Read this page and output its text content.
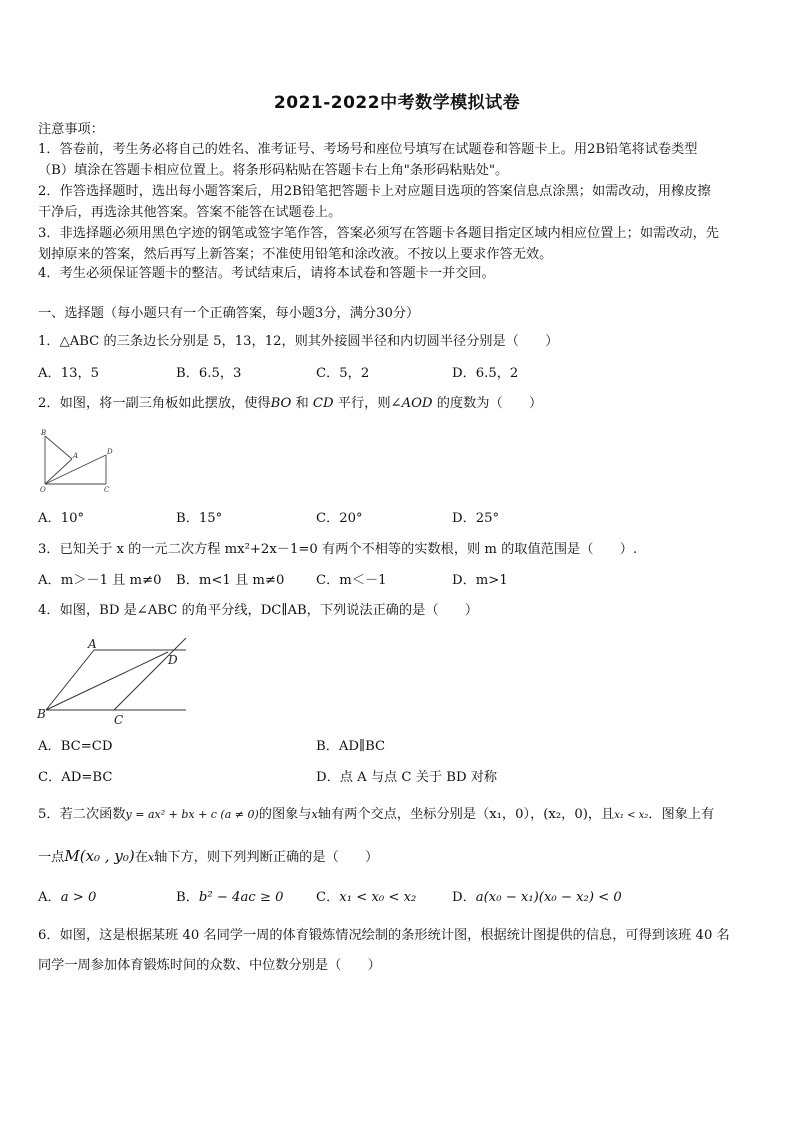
2021-2022中考数学模拟试卷
注意事项：
1．答卷前，考生务必将自己的姓名、准考证号、考场号和座位号填写在试题卷和答题卡上。用2B铅笔将试卷类型
（B）填涂在答题卡相应位置上。将条形码粘贴在答题卡右上角"条形码粘贴处"。
2．作答选择题时，选出每小题答案后，用2B铅笔把答题卡上对应题目选项的答案信息点涂黑；如需改动，用橡皮擦
干净后，再选涂其他答案。答案不能答在试题卷上。
3．非选择题必须用黑色字迹的钢笔或签字笔作答，答案必须写在答题卡各题目指定区域内相应位置上；如需改动，先
划掉原来的答案，然后再写上新答案；不准使用铅笔和涂改液。不按以上要求作答无效。
4．考生必须保证答题卡的整洁。考试结束后，请将本试卷和答题卡一并交回。
一、选择题（每小题只有一个正确答案，每小题3分，满分30分）
1．△ABC 的三条边长分别是 5，13，12，则其外接圆半径和内切圆半径分别是（　　）
A．13，5	B．6.5，3	C．5，2	D．6.5，2
2．如图，将一副三角板如此摆放，使得BO 和 CD 平行，则∠AOD 的度数为（　　）
B
A	D
O	C
A．10°	B．15°	C．20°	D．25°
3．已知关于 x 的一元二次方程 mx²+2x－1=0 有两个不相等的实数根，则 m 的取值范围是（　　）.
A．m＞－1 且 m≠0 B．m<1 且 m≠0 C．m＜－1	D．m>1
4．如图，BD 是∠ABC 的角平分线，DC∥AB，下列说法正确的是（　　）
A
D
B	C
A．BC=CD	B．AD∥BC
C．AD=BC	D．点 A 与点 C 关于 BD 对称
5．若二次函数y = ax² + bx + c (a ≠ 0)的图象与x轴有两个交点，坐标分别是（x₁，0），(x₂，0)，且x₁ < x₂．图象上有
一点M(x₀ , y₀)在x轴下方，则下列判断正确的是（　　）
A．a > 0	B．b² − 4ac ≥ 0 C．x₁ < x₀ < x₂	D．a(x₀ − x₁)(x₀ − x₂) < 0
6．如图，这是根据某班 40 名同学一周的体育锻炼情况绘制的条形统计图，根据统计图提供的信息，可得到该班 40 名
同学一周参加体育锻炼时间的众数、中位数分别是（　　）
